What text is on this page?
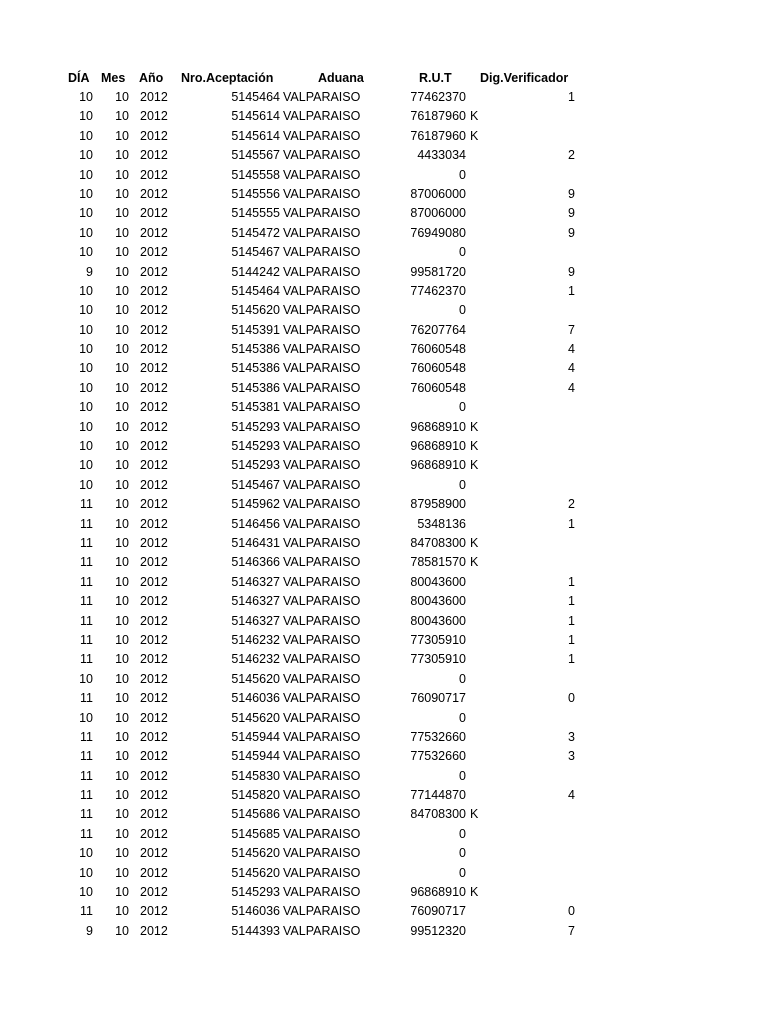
DÍA Mes Año Nro.Aceptación	Aduana	R.U.T Dig.Verificador
10	10 2012	5145464 VALPARAISO	77462370	1
10	10 2012	5145614 VALPARAISO	76187960 K
10	10 2012	5145614 VALPARAISO	76187960 K
10	10 2012	5145567 VALPARAISO	4433034	2
10	10 2012	5145558 VALPARAISO	0
10	10 2012	5145556 VALPARAISO	87006000	9
10	10 2012	5145555 VALPARAISO	87006000	9
10	10 2012	5145472 VALPARAISO	76949080	9
10	10 2012	5145467 VALPARAISO	0
9	10 2012	5144242 VALPARAISO	99581720	9
10	10 2012	5145464 VALPARAISO	77462370	1
10	10 2012	5145620 VALPARAISO	0
10	10 2012	5145391 VALPARAISO	76207764	7
10	10 2012	5145386 VALPARAISO	76060548	4
10	10 2012	5145386 VALPARAISO	76060548	4
10	10 2012	5145386 VALPARAISO	76060548	4
10	10 2012	5145381 VALPARAISO	0
10	10 2012	5145293 VALPARAISO	96868910 K
10	10 2012	5145293 VALPARAISO	96868910 K
10	10 2012	5145293 VALPARAISO	96868910 K
10	10 2012	5145467 VALPARAISO	0
11	10 2012	5145962 VALPARAISO	87958900	2
11	10 2012	5146456 VALPARAISO	5348136	1
11	10 2012	5146431 VALPARAISO	84708300 K
11	10 2012	5146366 VALPARAISO	78581570 K
11	10 2012	5146327 VALPARAISO	80043600	1
11	10 2012	5146327 VALPARAISO	80043600	1
11	10 2012	5146327 VALPARAISO	80043600	1
11	10 2012	5146232 VALPARAISO	77305910	1
11	10 2012	5146232 VALPARAISO	77305910	1
10	10 2012	5145620 VALPARAISO	0
11	10 2012	5146036 VALPARAISO	76090717	0
10	10 2012	5145620 VALPARAISO	0
11	10 2012	5145944 VALPARAISO	77532660	3
11	10 2012	5145944 VALPARAISO	77532660	3
11	10 2012	5145830 VALPARAISO	0
11	10 2012	5145820 VALPARAISO	77144870	4
11	10 2012	5145686 VALPARAISO	84708300 K
11	10 2012	5145685 VALPARAISO	0
10	10 2012	5145620 VALPARAISO	0
10	10 2012	5145620 VALPARAISO	0
10	10 2012	5145293 VALPARAISO	96868910 K
11	10 2012	5146036 VALPARAISO	76090717	0
9	10 2012	5144393 VALPARAISO	99512320	7
